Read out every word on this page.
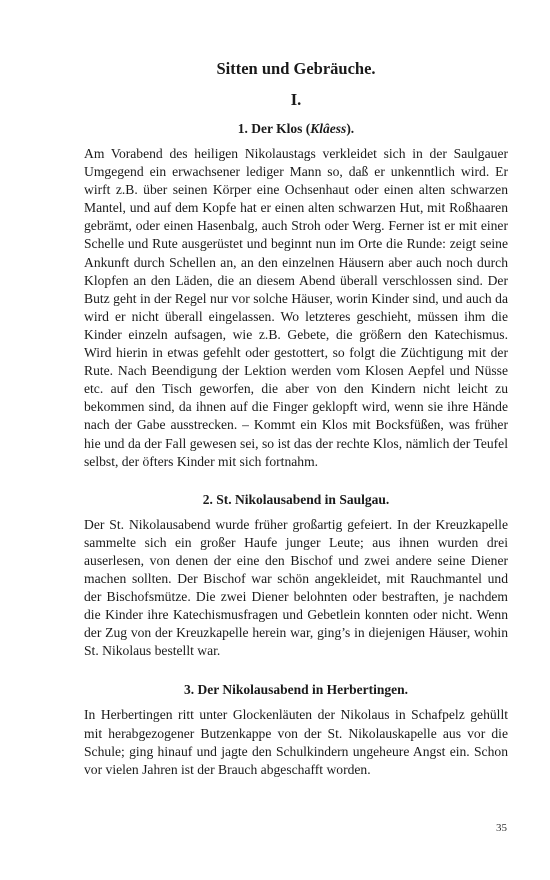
Sitten und Gebräuche.
I.
1. Der Klos (Klâess).

Am Vorabend des heiligen Nikolaustags verkleidet sich in der Saulgauer Umgegend ein erwachsener lediger Mann so, daß er unkenntlich wird. Er wirft z.B. über seinen Körper eine Ochsenhaut oder einen alten schwarzen Mantel, und auf dem Kopfe hat er einen alten schwarzen Hut, mit Roßhaaren gebrämt, oder einen Hasenbalg, auch Stroh oder Werg. Ferner ist er mit einer Schelle und Rute ausgerüstet und beginnt nun im Orte die Runde: zeigt seine Ankunft durch Schellen an, an den einzelnen Häusern aber auch noch durch Klopfen an den Läden, die an diesem Abend überall verschlossen sind. Der Butz geht in der Regel nur vor solche Häuser, worin Kinder sind, und auch da wird er nicht überall eingelassen. Wo letzteres geschieht, müssen ihm die Kinder einzeln aufsagen, wie z.B. Gebete, die größern den Katechismus. Wird hierin in etwas gefehlt oder gestottert, so folgt die Züchtigung mit der Rute. Nach Beendigung der Lektion werden vom Klosen Aepfel und Nüsse etc. auf den Tisch geworfen, die aber von den Kindern nicht leicht zu bekommen sind, da ihnen auf die Finger geklopft wird, wenn sie ihre Hände nach der Gabe ausstrecken. – Kommt ein Klos mit Bocksfüßen, was früher hie und da der Fall gewesen sei, so ist das der rechte Klos, nämlich der Teufel selbst, der öfters Kinder mit sich fortnahm.

2. St. Nikolausabend in Saulgau.

Der St. Nikolausabend wurde früher großartig gefeiert. In der Kreuzkapelle sammelte sich ein großer Haufe junger Leute; aus ihnen wurden drei auserlesen, von denen der eine den Bischof und zwei andere seine Diener machen sollten. Der Bischof war schön angekleidet, mit Rauchmantel und der Bischofsmütze. Die zwei Diener belohnten oder bestraften, je nachdem die Kinder ihre Katechismusfragen und Gebetlein konnten oder nicht. Wenn der Zug von der Kreuzkapelle herein war, ging’s in diejenigen Häuser, wohin St. Nikolaus bestellt war.

3. Der Nikolausabend in Herbertingen.

In Herbertingen ritt unter Glockenläuten der Nikolaus in Schafpelz gehüllt mit herabgezogener Butzenkappe von der St. Nikolauskapelle aus vor die Schule; ging hinauf und jagte den Schulkindern ungeheure Angst ein. Schon vor vielen Jahren ist der Brauch abgeschafft worden.

35
